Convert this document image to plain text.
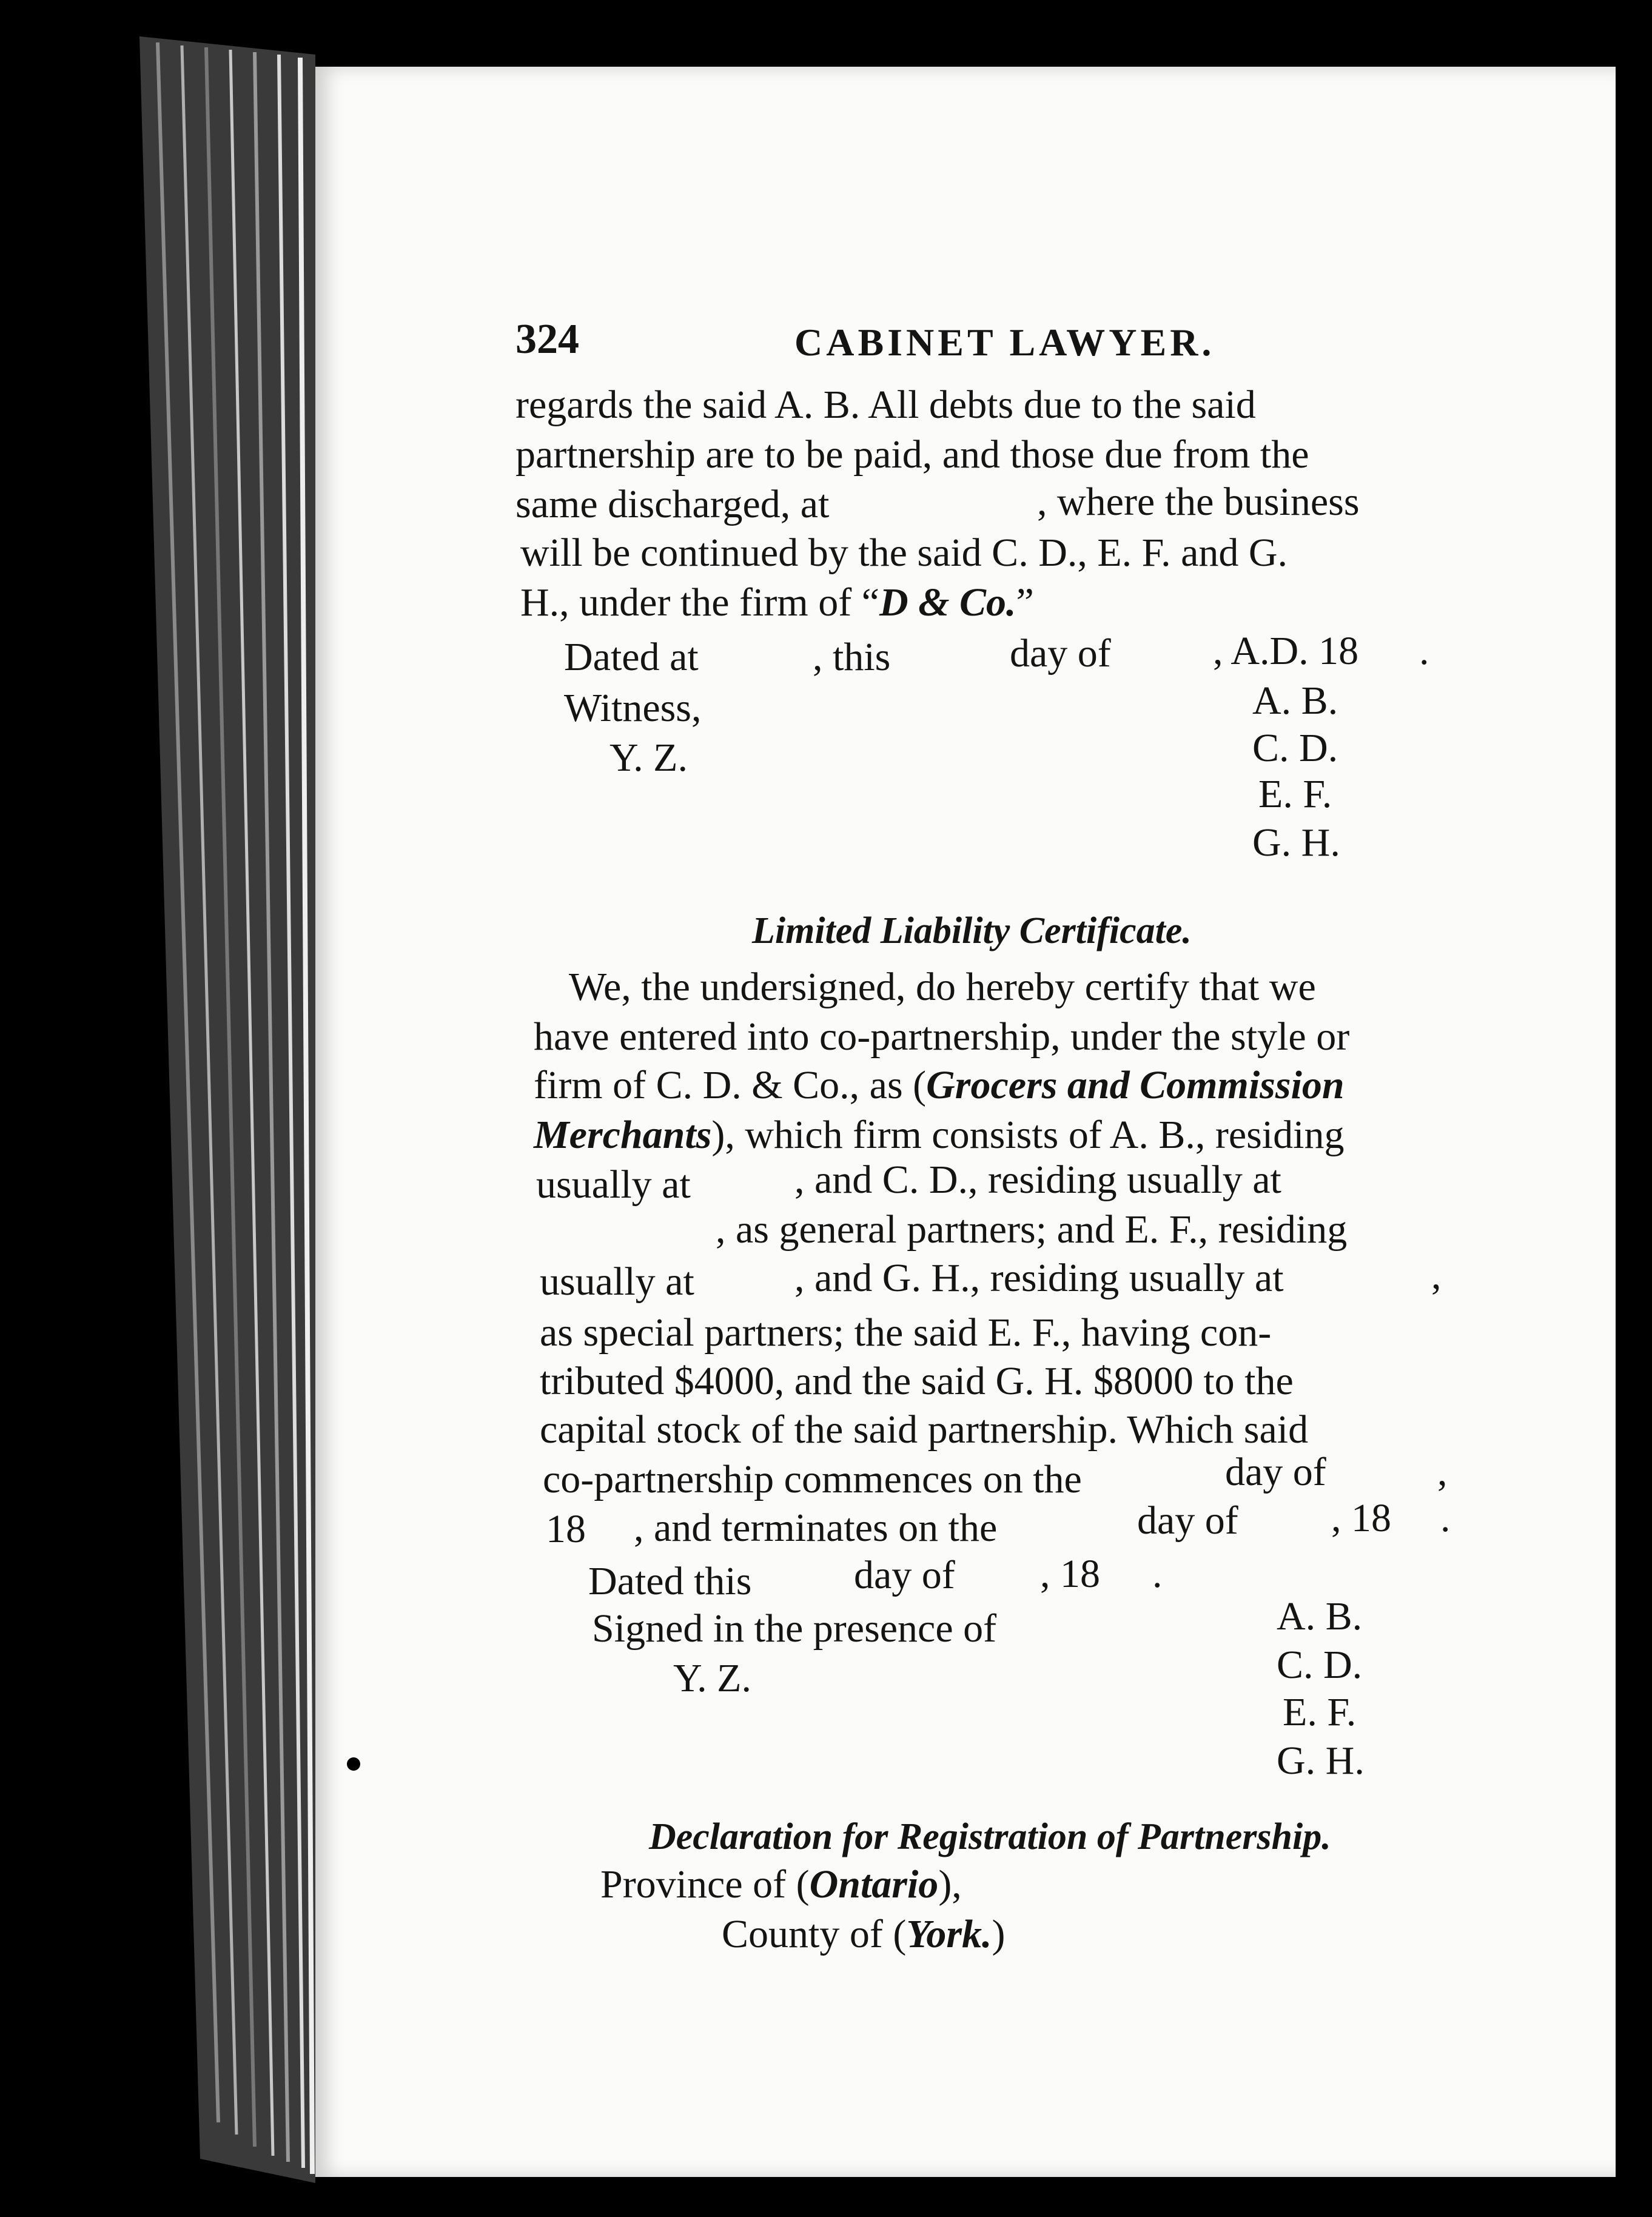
324	CABINET LAWYER.
regards the said A. B. All debts due to the said
partnership are to be paid, and those due from the
same discharged, at	, where the business
will be continued by the said C. D., E. F. and G.
H., under the firm of “D & Co.”
Dated at	, this	day of	, A.D. 18 .
Witness,
Y. Z.
A. B.
C. D.
E. F.
G. H.
Limited Liability Certificate.
We, the undersigned, do hereby certify that we
have entered into co-partnership, under the style or
firm of C. D. & Co., as (Grocers and Commission
Merchants), which firm consists of A. B., residing
usually at	, and C. D., residing usually at
, as general partners; and E. F., residing
usually at	, and G. H., residing usually at	,
as special partners; the said E. F., having con-
tributed $4000, and the said G. H. $8000 to the
capital stock of the said partnership. Which said
co-partnership commences on the	day of	,
18 , and terminates on the	day of , 18 .
Dated this	day of , 18 .
Signed in the presence of
Y. Z.
A. B.
C. D.
E. F.
G. H.
Declaration for Registration of Partnership.
Province of (Ontario),
County of (York.)
